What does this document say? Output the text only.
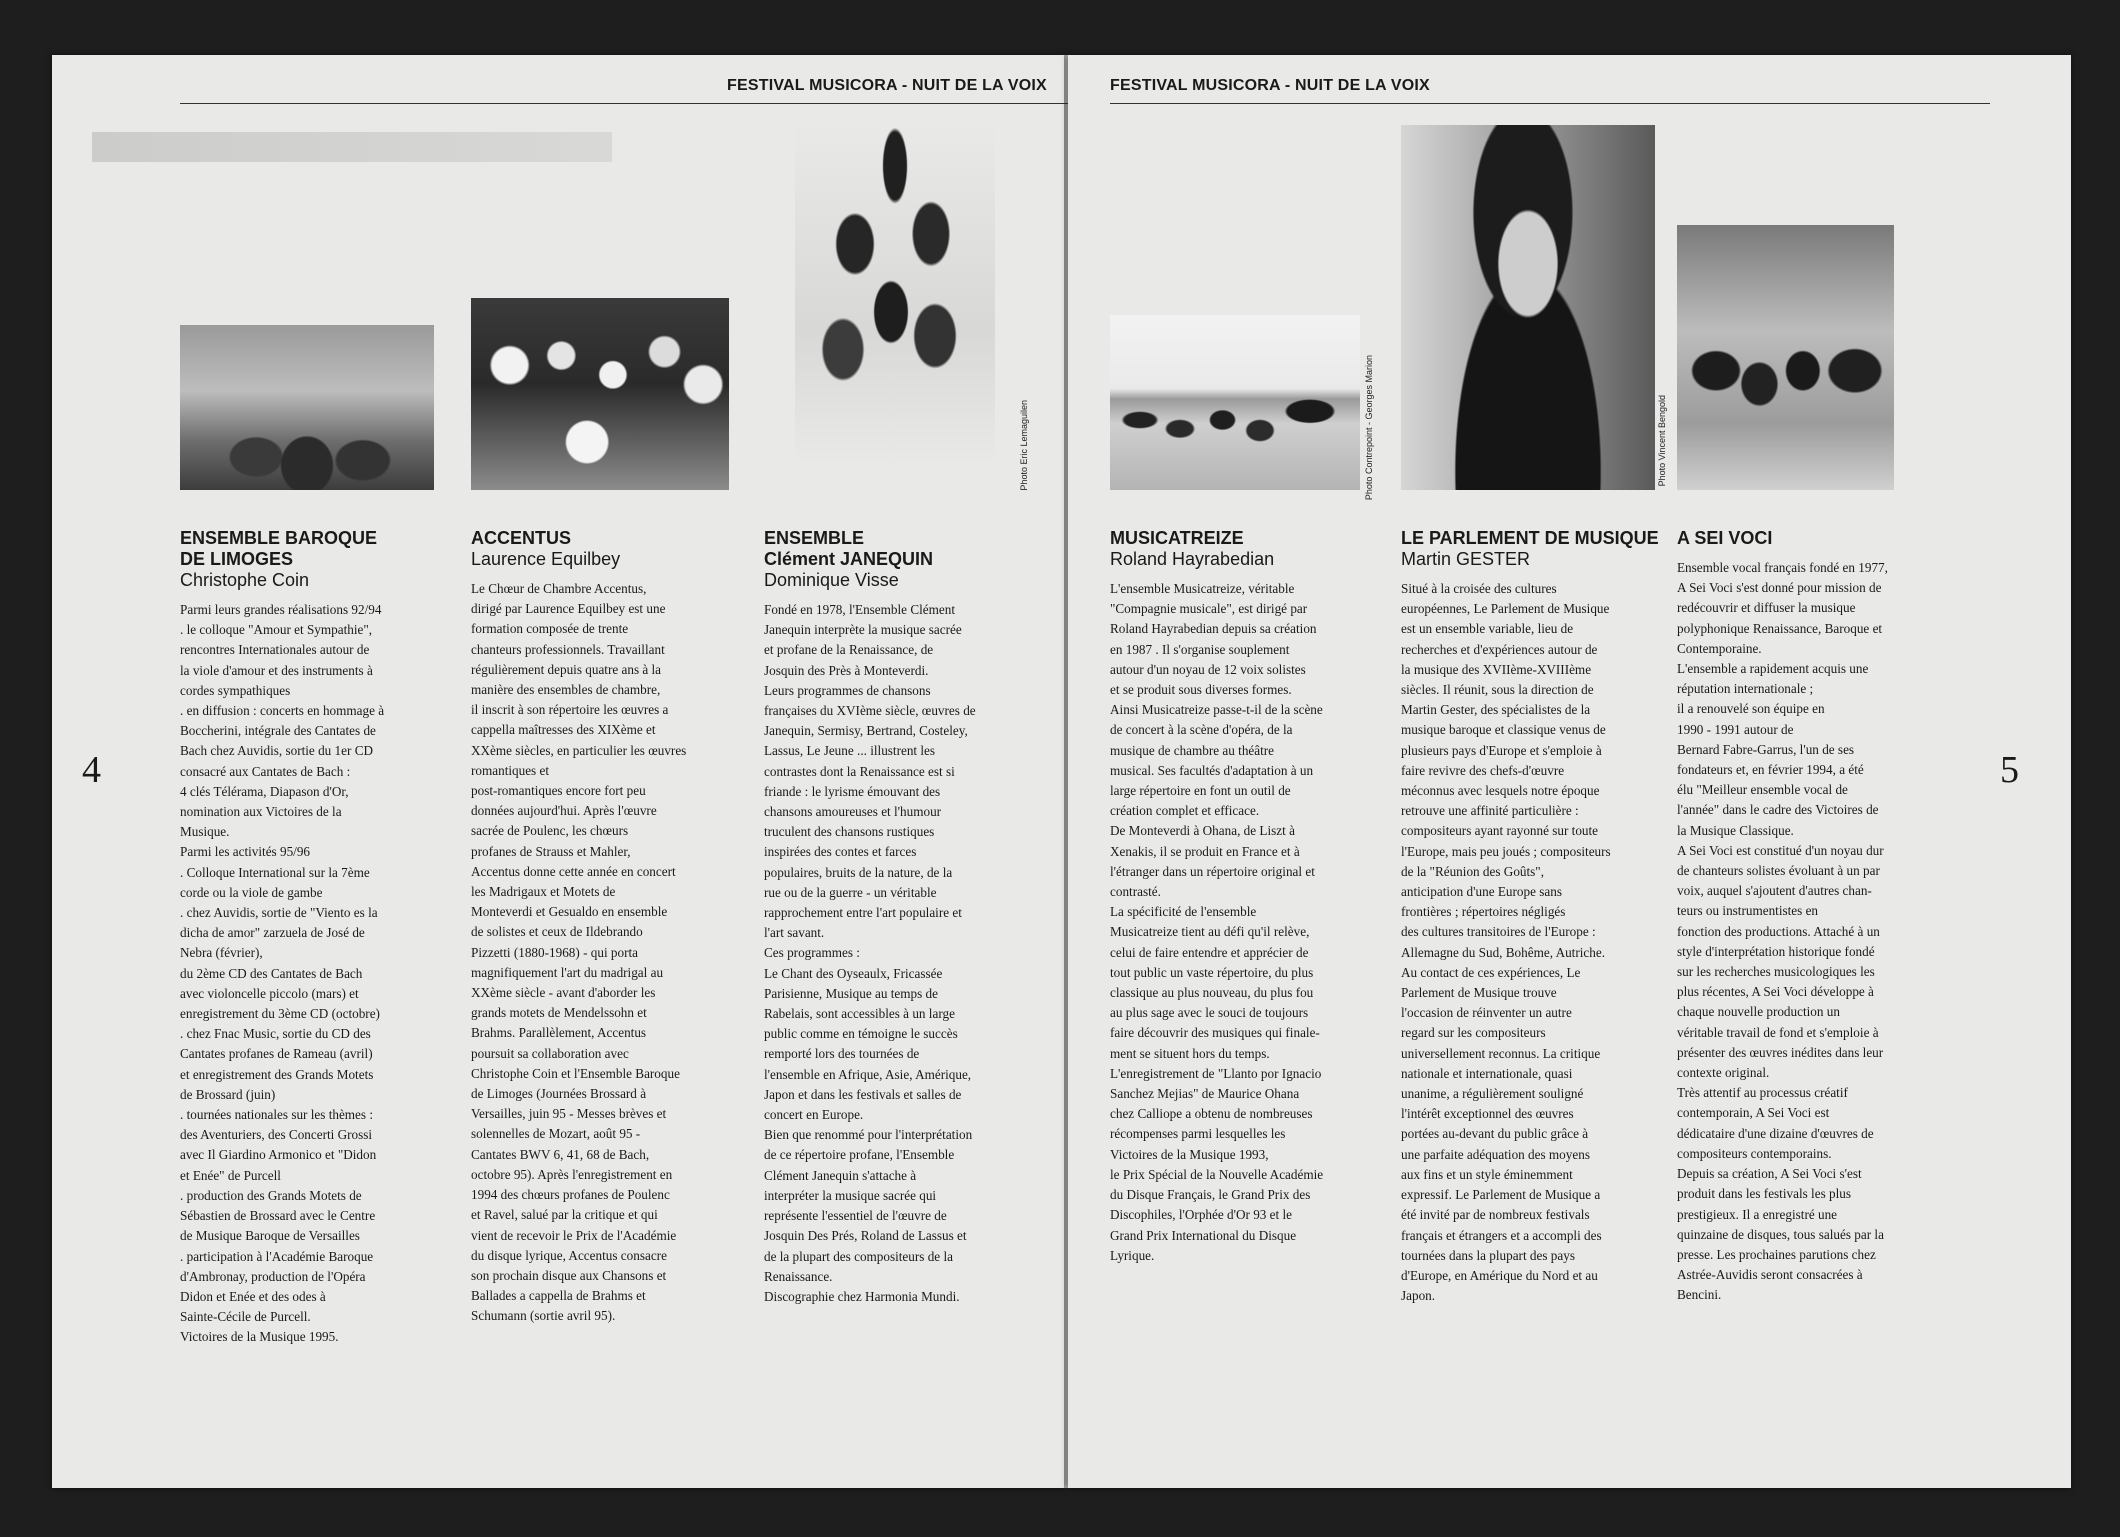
FESTIVAL MUSICORA - NUIT DE LA VOIX
4
Photo Eric Lemaguilen
ENSEMBLE BAROQUE
DE LIMOGES
Christophe Coin

Parmi leurs grandes réalisations 92/94
. le colloque "Amour et Sympathie",
rencontres Internationales autour de
la viole d'amour et des instruments à
cordes sympathiques
. en diffusion : concerts en hommage à
Boccherini, intégrale des Cantates de
Bach chez Auvidis, sortie du 1er CD
consacré aux Cantates de Bach :
4 clés Télérama, Diapason d'Or,
nomination aux Victoires de la
Musique.
Parmi les activités 95/96
. Colloque International sur la 7ème
corde ou la viole de gambe
. chez Auvidis, sortie de "Viento es la
dicha de amor" zarzuela de José de
Nebra (février),
du 2ème CD des Cantates de Bach
avec violoncelle piccolo (mars) et
enregistrement du 3ème CD (octobre)
. chez Fnac Music, sortie du CD des
Cantates profanes de Rameau (avril)
et enregistrement des Grands Motets
de Brossard (juin)
. tournées nationales sur les thèmes :
des Aventuriers, des Concerti Grossi
avec Il Giardino Armonico et "Didon
et Enée" de Purcell
. production des Grands Motets de
Sébastien de Brossard avec le Centre
de Musique Baroque de Versailles
. participation à l'Académie Baroque
d'Ambronay, production de l'Opéra
Didon et Enée et des odes à
Sainte-Cécile de Purcell.
Victoires de la Musique 1995.

ACCENTUS
Laurence Equilbey

Le Chœur de Chambre Accentus,
dirigé par Laurence Equilbey est une
formation composée de trente
chanteurs professionnels. Travaillant
régulièrement depuis quatre ans à la
manière des ensembles de chambre,
il inscrit à son répertoire les œuvres a
cappella maîtresses des XIXème et
XXème siècles, en particulier les œuvres
romantiques et
post-romantiques encore fort peu
données aujourd'hui. Après l'œuvre
sacrée de Poulenc, les chœurs
profanes de Strauss et Mahler,
Accentus donne cette année en concert
les Madrigaux et Motets de
Monteverdi et Gesualdo en ensemble
de solistes et ceux de Ildebrando
Pizzetti (1880-1968) - qui porta
magnifiquement l'art du madrigal au
XXème siècle - avant d'aborder les
grands motets de Mendelssohn et
Brahms. Parallèlement, Accentus
poursuit sa collaboration avec
Christophe Coin et l'Ensemble Baroque
de Limoges (Journées Brossard à
Versailles, juin 95 - Messes brèves et
solennelles de Mozart, août 95 -
Cantates BWV 6, 41, 68 de Bach,
octobre 95). Après l'enregistrement en
1994 des chœurs profanes de Poulenc
et Ravel, salué par la critique et qui
vient de recevoir le Prix de l'Académie
du disque lyrique, Accentus consacre
son prochain disque aux Chansons et
Ballades a cappella de Brahms et
Schumann (sortie avril 95).

ENSEMBLE
Clément JANEQUIN
Dominique Visse

Fondé en 1978, l'Ensemble Clément
Janequin interprète la musique sacrée
et profane de la Renaissance, de
Josquin des Près à Monteverdi.
Leurs programmes de chansons
françaises du XVIème siècle, œuvres de
Janequin, Sermisy, Bertrand, Costeley,
Lassus, Le Jeune ... illustrent les
contrastes dont la Renaissance est si
friande : le lyrisme émouvant des
chansons amoureuses et l'humour
truculent des chansons rustiques
inspirées des contes et farces
populaires, bruits de la nature, de la
rue ou de la guerre - un véritable
rapprochement entre l'art populaire et
l'art savant.
Ces programmes :
Le Chant des Oyseaulx, Fricassée
Parisienne, Musique au temps de
Rabelais, sont accessibles à un large
public comme en témoigne le succès
remporté lors des tournées de
l'ensemble en Afrique, Asie, Amérique,
Japon et dans les festivals et salles de
concert en Europe.
Bien que renommé pour l'interprétation
de ce répertoire profane, l'Ensemble
Clément Janequin s'attache à
interpréter la musique sacrée qui
représente l'essentiel de l'œuvre de
Josquin Des Prés, Roland de Lassus et
de la plupart des compositeurs de la
Renaissance.
Discographie chez Harmonia Mundi.

FESTIVAL MUSICORA - NUIT DE LA VOIX
5
Photo Contrepoint - Georges Marion	Photo Vincent Bengold
MUSICATREIZE
Roland Hayrabedian

L'ensemble Musicatreize, véritable
"Compagnie musicale", est dirigé par
Roland Hayrabedian depuis sa création
en 1987 . Il s'organise souplement
autour d'un noyau de 12 voix solistes
et se produit sous diverses formes.
Ainsi Musicatreize passe-t-il de la scène
de concert à la scène d'opéra, de la
musique de chambre au théâtre
musical. Ses facultés d'adaptation à un
large répertoire en font un outil de
création complet et efficace.
De Monteverdi à Ohana, de Liszt à
Xenakis, il se produit en France et à
l'étranger dans un répertoire original et
contrasté.
La spécificité de l'ensemble
Musicatreize tient au défi qu'il relève,
celui de faire entendre et apprécier de
tout public un vaste répertoire, du plus
classique au plus nouveau, du plus fou
au plus sage avec le souci de toujours
faire découvrir des musiques qui finale-
ment se situent hors du temps.
L'enregistrement de "Llanto por Ignacio
Sanchez Mejias" de Maurice Ohana
chez Calliope a obtenu de nombreuses
récompenses parmi lesquelles les
Victoires de la Musique 1993,
le Prix Spécial de la Nouvelle Académie
du Disque Français, le Grand Prix des
Discophiles, l'Orphée d'Or 93 et le
Grand Prix International du Disque
Lyrique.

LE PARLEMENT DE MUSIQUE
Martin GESTER

Situé à la croisée des cultures
européennes, Le Parlement de Musique
est un ensemble variable, lieu de
recherches et d'expériences autour de
la musique des XVIIème-XVIIIème
siècles. Il réunit, sous la direction de
Martin Gester, des spécialistes de la
musique baroque et classique venus de
plusieurs pays d'Europe et s'emploie à
faire revivre des chefs-d'œuvre
méconnus avec lesquels notre époque
retrouve une affinité particulière :
compositeurs ayant rayonné sur toute
l'Europe, mais peu joués ; compositeurs
de la "Réunion des Goûts",
anticipation d'une Europe sans
frontières ; répertoires négligés
des cultures transitoires de l'Europe :
Allemagne du Sud, Bohême, Autriche.
Au contact de ces expériences, Le
Parlement de Musique trouve
l'occasion de réinventer un autre
regard sur les compositeurs
universellement reconnus. La critique
nationale et internationale, quasi
unanime, a régulièrement souligné
l'intérêt exceptionnel des œuvres
portées au-devant du public grâce à
une parfaite adéquation des moyens
aux fins et un style éminemment
expressif. Le Parlement de Musique a
été invité par de nombreux festivals
français et étrangers et a accompli des
tournées dans la plupart des pays
d'Europe, en Amérique du Nord et au
Japon.

A SEI VOCI

Ensemble vocal français fondé en 1977,
A Sei Voci s'est donné pour mission de
redécouvrir et diffuser la musique
polyphonique Renaissance, Baroque et
Contemporaine.
L'ensemble a rapidement acquis une
réputation internationale ;
il a renouvelé son équipe en
1990 - 1991 autour de
Bernard Fabre-Garrus, l'un de ses
fondateurs et, en février 1994, a été
élu "Meilleur ensemble vocal de
l'année" dans le cadre des Victoires de
la Musique Classique.
A Sei Voci est constitué d'un noyau dur
de chanteurs solistes évoluant à un par
voix, auquel s'ajoutent d'autres chan-
teurs ou instrumentistes en
fonction des productions. Attaché à un
style d'interprétation historique fondé
sur les recherches musicologiques les
plus récentes, A Sei Voci développe à
chaque nouvelle production un
véritable travail de fond et s'emploie à
présenter des œuvres inédites dans leur
contexte original.
Très attentif au processus créatif
contemporain, A Sei Voci est
dédicataire d'une dizaine d'œuvres de
compositeurs contemporains.
Depuis sa création, A Sei Voci s'est
produit dans les festivals les plus
prestigieux. Il a enregistré une
quinzaine de disques, tous salués par la
presse. Les prochaines parutions chez
Astrée-Auvidis seront consacrées à
Bencini.
